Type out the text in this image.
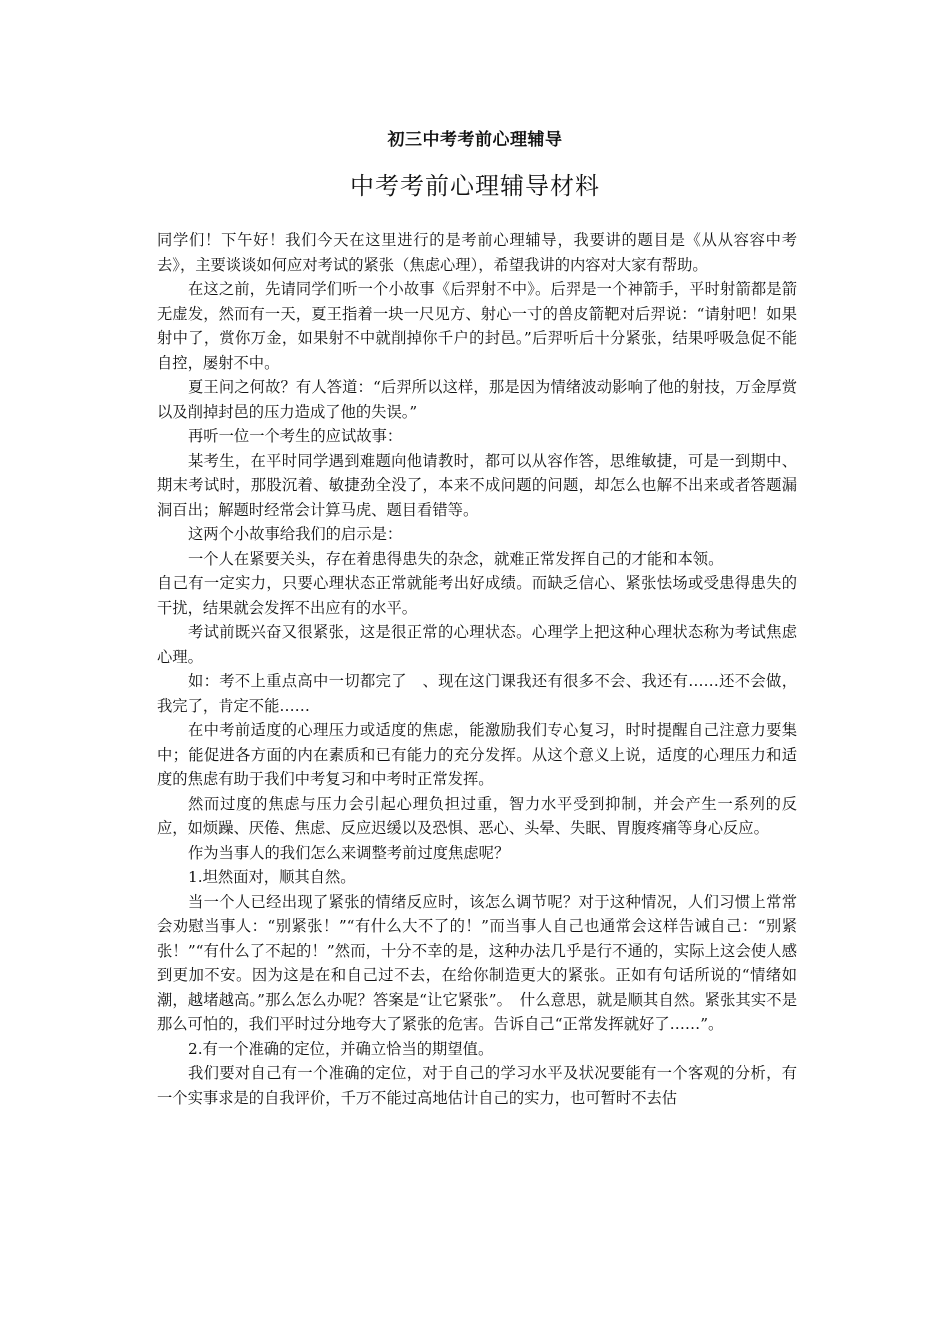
初三中考考前心理辅导
中考考前心理辅导材料

同学们！下午好！我们今天在这里进行的是考前心理辅导，我要讲的题目是《从从容容中考去》，主要谈谈如何应对考试的紧张（焦虑心理），希望我讲的内容对大家有帮助。

在这之前，先请同学们听一个小故事《后羿射不中》。后羿是一个神箭手，平时射箭都是箭无虚发，然而有一天，夏王指着一块一尺见方、射心一寸的兽皮箭靶对后羿说：“请射吧！如果射中了，赏你万金，如果射不中就削掉你千户的封邑。”后羿听后十分紧张，结果呼吸急促不能自控，屡射不中。

夏王问之何故？有人答道：“后羿所以这样，那是因为情绪波动影响了他的射技，万金厚赏以及削掉封邑的压力造成了他的失误。”

再听一位一个考生的应试故事：

某考生，在平时同学遇到难题向他请教时，都可以从容作答，思维敏捷，可是一到期中、期末考试时，那股沉着、敏捷劲全没了，本来不成问题的问题，却怎么也解不出来或者答题漏洞百出；解题时经常会计算马虎、题目看错等。

这两个小故事给我们的启示是：

一个人在紧要关头，存在着患得患失的杂念，就难正常发挥自己的才能和本领。

自己有一定实力，只要心理状态正常就能考出好成绩。而缺乏信心、紧张怯场或受患得患失的干扰，结果就会发挥不出应有的水平。

考试前既兴奋又很紧张，这是很正常的心理状态。心理学上把这种心理状态称为考试焦虑心理。

如：考不上重点高中一切都完了　、现在这门课我还有很多不会、我还有……还不会做，我完了，肯定不能……

在中考前适度的心理压力或适度的焦虑，能激励我们专心复习，时时提醒自己注意力要集中；能促进各方面的内在素质和已有能力的充分发挥。从这个意义上说，适度的心理压力和适度的焦虑有助于我们中考复习和中考时正常发挥。

然而过度的焦虑与压力会引起心理负担过重，智力水平受到抑制，并会产生一系列的反应，如烦躁、厌倦、焦虑、反应迟缓以及恐惧、恶心、头晕、失眠、胃腹疼痛等身心反应。

作为当事人的我们怎么来调整考前过度焦虑呢？

1.坦然面对，顺其自然。

当一个人已经出现了紧张的情绪反应时，该怎么调节呢？对于这种情况，人们习惯上常常会劝慰当事人：“别紧张！”“有什么大不了的！”而当事人自己也通常会这样告诫自己：“别紧张！”“有什么了不起的！”然而，十分不幸的是，这种办法几乎是行不通的，实际上这会使人感到更加不安。因为这是在和自己过不去，在给你制造更大的紧张。正如有句话所说的“情绪如潮，越堵越高。”那么怎么办呢？答案是“让它紧张”。　什么意思，就是顺其自然。紧张其实不是那么可怕的，我们平时过分地夸大了紧张的危害。告诉自己“正常发挥就好了……”。

2.有一个准确的定位，并确立恰当的期望值。

我们要对自己有一个准确的定位，对于自己的学习水平及状况要能有一个客观的分析，有一个实事求是的自我评价，千万不能过高地估计自己的实力，也可暂时不去估
